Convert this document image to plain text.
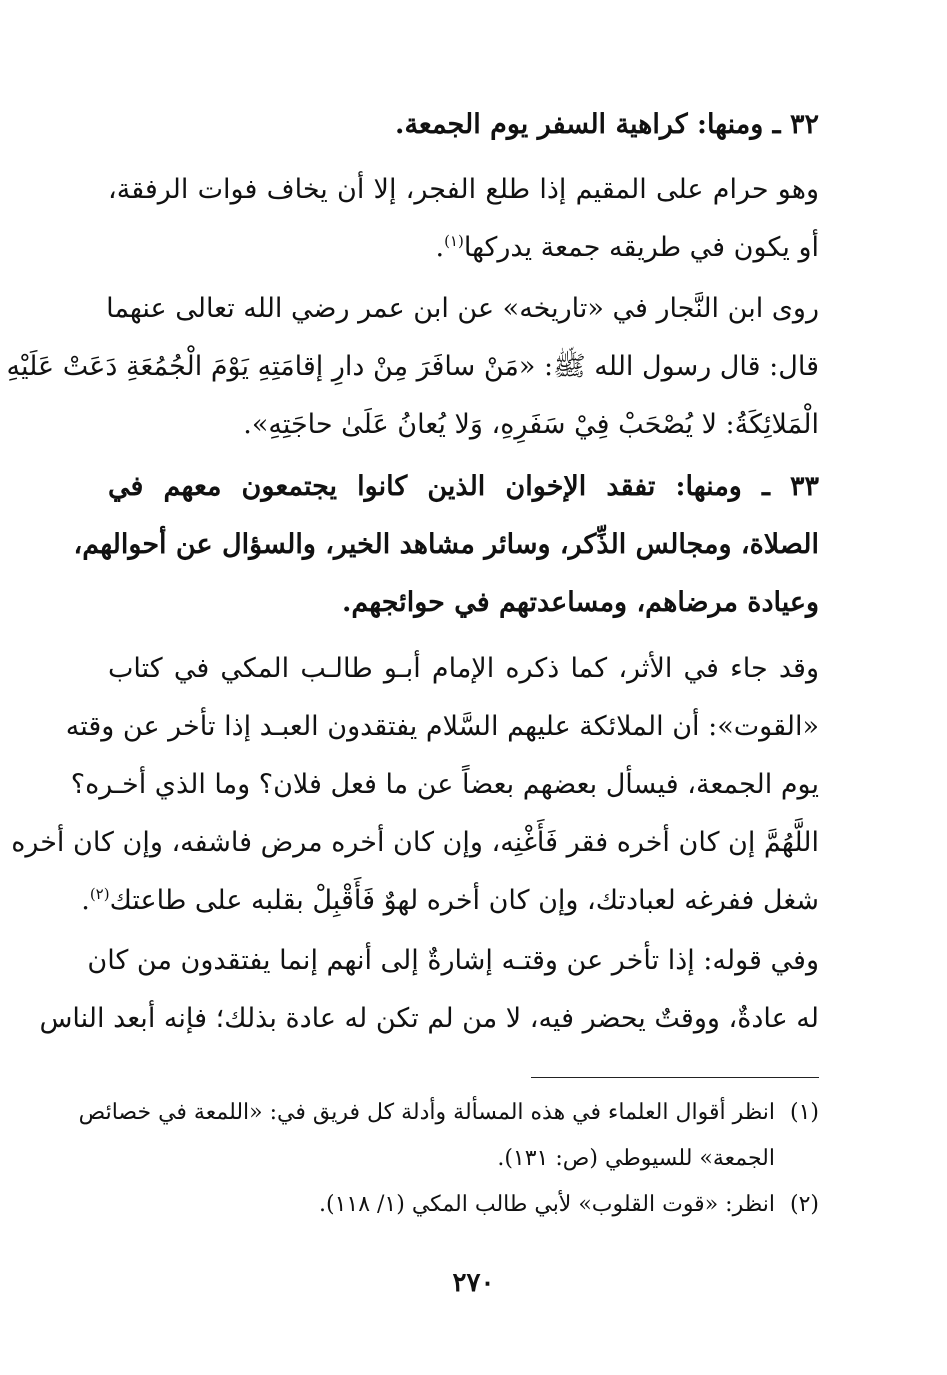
٣٢ ـ ومنها: كراهية السفر يوم الجمعة.
وهو حرام على المقيم إذا طلع الفجر، إلا أن يخاف فوات الرفقة،
أو يكون في طريقه جمعة يدركها$^{(١)}$.
روى ابن النَّجار في «تاريخه» عن ابن عمر رضي الله تعالى عنهما
قال: قال رسول الله ﷺ: «مَنْ سافَرَ مِنْ دارِ إقامَتِهِ يَوْمَ الْجُمُعَةِ دَعَتْ عَلَيْهِ
الْمَلائِكَةُ: لا يُصْحَبْ فِيْ سَفَرِهِ، وَلا يُعانُ عَلَىٰ حاجَتِهِ».
٣٣ ـ ومنها: تفقد الإخوان الذين كانوا يجتمعون معهم في
الصلاة، ومجالس الذِّكر، وسائر مشاهد الخير، والسؤال عن أحوالهم،
وعيادة مرضاهم، ومساعدتهم في حوائجهم.
وقد جاء في الأثر، كما ذكره الإمام أبـو طالـب المكي في كتاب
«القوت»: أن الملائكة عليهم السَّلام يفتقدون العبـد إذا تأخر عن وقته
يوم الجمعة، فيسأل بعضهم بعضاً عن ما فعل فلان؟ وما الذي أخـره؟
اللَّهُمَّ إن كان أخره فقر فَأَغْنِه، وإن كان أخره مرض فاشفه، وإن كان أخره
شغل ففرغه لعبادتك، وإن كان أخره لهوٌ فَأَقْبِلْ بقلبه على طاعتك$^{(٢)}$.
وفي قوله: إذا تأخر عن وقتـه إشارةٌ إلى أنهم إنما يفتقدون من كان
له عادةٌ، ووقتٌ يحضر فيه، لا من لم تكن له عادة بذلك؛ فإنه أبعد الناس
(١)انظر أقوال العلماء في هذه المسألة وأدلة كل فريق في: «اللمعة في خصائص
الجمعة» للسيوطي (ص: ١٣١).
(٢)انظر: «قوت القلوب» لأبي طالب المكي (١/ ١١٨).
٢٧٠
